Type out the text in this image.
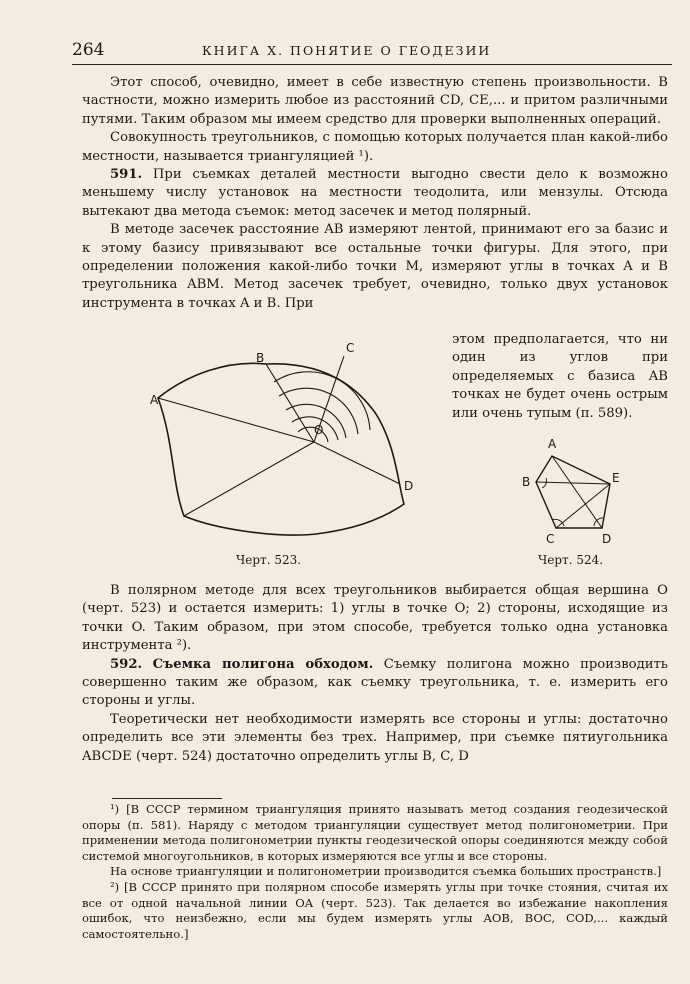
264	КНИГА Х. ПОНЯТИЕ О ГЕОДЕЗИИ

Этот способ, очевидно, имеет в себе известную степень произвольности. В частности, можно измерить любое из расстояний CD, CE,... и притом различными путями. Таким образом мы имеем средство для проверки выполненных операций.

Совокупность треугольников, с помощью которых получается план какой-либо местности, называется триангуляцией ¹).

591. При съемках деталей местности выгодно свести дело к возможно меньшему числу установок на местности теодолита, или мензулы. Отсюда вытекают два метода съемок: метод засечек и метод полярный.

В методе засечек расстояние AB измеряют лентой, принимают его за базис и к этому базису привязывают все остальные точки фигуры. Для этого, при определении положения какой-либо точки M, измеряют углы в точках A и B треугольника ABM. Метод засечек требует, очевидно, только двух установок инструмента в точках A и B. При

этом предполагается, что ни один из углов при определяемых с базиса AB точках не будет очень острым или очень тупым (п. 589).

A
B
C
O
D
Черт. 523.
A
B	E
C	D
Черт. 524.

В полярном методе для всех треугольников выбирается общая вершина O (черт. 523) и остается измерить: 1) углы в точке O; 2) стороны, исходящие из точки O. Таким образом, при этом способе, требуется только одна установка инструмента ²).

592. Съемка полигона обходом. Съемку полигона можно производить совершенно таким же образом, как съемку треугольника, т. е. измерить его стороны и углы.

Теоретически нет необходимости измерять все стороны и углы: достаточно определить все эти элементы без трех. Например, при съемке пятиугольника ABCDE (черт. 524) достаточно определить углы B, C, D

¹) [В СССР термином триангуляция принято называть метод создания геодезической опоры (п. 581). Наряду с методом триангуляции существует метод полигонометрии. При применении метода полигонометрии пункты геодезической опоры соединяются между собой системой многоугольников, в которых измеряются все углы и все стороны.

На основе триангуляции и полигонометрии производится съемка больших пространств.]

²) [В СССР принято при полярном способе измерять углы при точке стояния, считая их все от одной начальной линии OA (черт. 523). Так делается во избежание накопления ошибок, что неизбежно, если мы будем измерять углы AOB, BOC, COD,... каждый самостоятельно.]
